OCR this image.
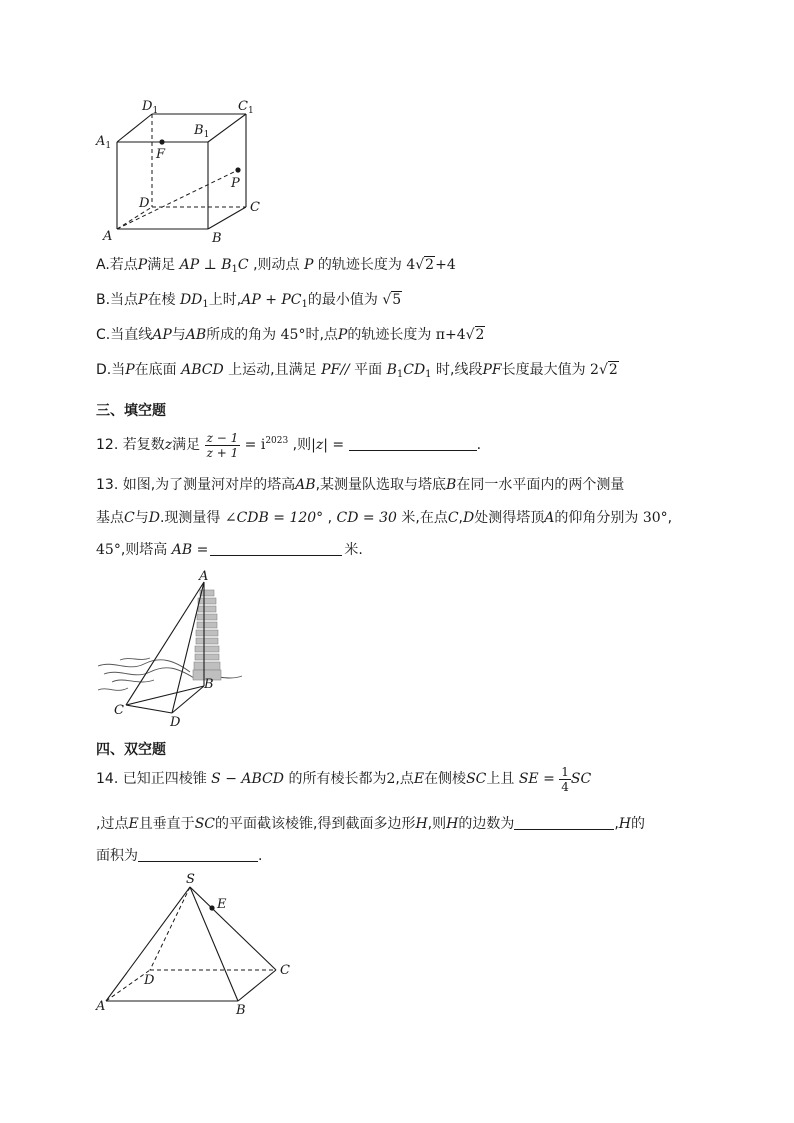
$D_1$	$C_1$
$A_1$
$B_1$
F
P
D	C
A	B
A.若点P满足 AP ⊥ $B_1C$ ,则动点 P 的轨迹长度为 4√2+4
B.当点P在棱 $DD_1$上时$,AP + PC_1$的最小值为 √5
C.当直线AP与AB所成的角为 45°时,点P的轨迹长度为 π+4√2
D.当P在底面 ABCD 上运动,且满足 PF// 平面 $B_1CD_1$ 时,线段PF长度最大值为 2√2
三、填空题
12. 若复数z满足 $\frac{z - 1}{z + 1} = i^{2023}$ ,则|z| =	.
13. 如图,为了测量河对岸的塔高AB,某测量队选取与塔底B在同一水平面内的两个测量
基点C与D.现测量得 ∠CDB = 120° , CD = 30 米,在点C,D处测得塔顶A的仰角分别为 30°,
45°,则塔高 AB =	米.
A
B
C
D
四、双空题
14. 已知正四棱锥 S − ABCD 的所有棱长都为2,点E在侧棱SC上且 SE = $\frac{1}{4}$ SC
,过点E且垂直于SC的平面截该棱锥,得到截面多边形H,则H的边数为	,H的
面积为	.
S
E
D
C
A	B
